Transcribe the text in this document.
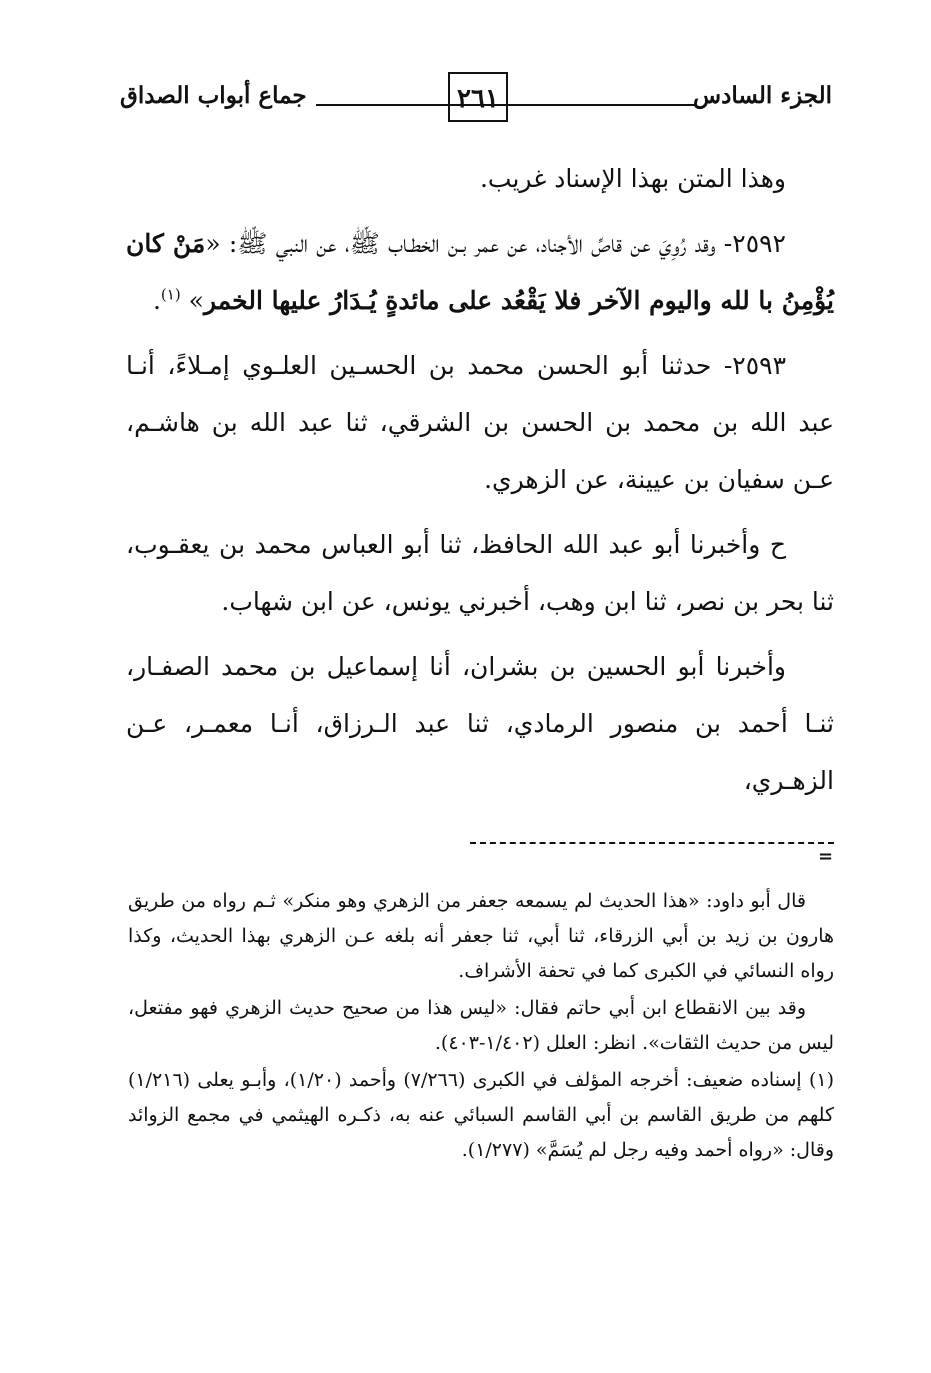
الجزء السادس
٢٦١
جماع أبواب الصداق

وهذا المتن بهذا الإسناد غريب.

٢٥٩٢- وقد رُوِيَ عن قاصِّ الأجناد، عن عمر بـن الخطـاب ﷺ، عن النبي ﷺ: «مَنْ كان يُؤْمِنُ با لله واليوم الآخر فلا يَقْعُد على مائدةٍ يُـدَارُ عليها الخمر» $^{(١)}$.

٢٥٩٣- حدثنا أبو الحسن محمد بن الحسـين العلـوي إمـلاءً، أنـا عبد الله بن محمد بن الحسن بن الشرقي، ثنا عبد الله بن هاشـم، عـن سفيان بن عيينة، عن الزهري.

ح وأخبرنا أبو عبد الله الحافظ، ثنا أبو العباس محمد بن يعقـوب، ثنا بحر بن نصر، ثنا ابن وهب، أخبرني يونس، عن ابن شهاب.

وأخبرنا أبو الحسين بن بشران، أنا إسماعيل بن محمد الصفـار، ثنـا أحمد بن منصور الرمادي، ثنا عبد الـرزاق، أنـا معمـر، عـن الزهـري،

=

قال أبو داود: «هذا الحديث لم يسمعه جعفر من الزهري وهو منكر» ثـم رواه من طريق هارون بن زيد بن أبي الزرقاء، ثنا أبي، ثنا جعفر أنه بلغه عـن الزهري بهذا الحديث، وكذا رواه النسائي في الكبرى كما في تحفة الأشراف.

وقد بين الانقطاع ابن أبي حاتم فقال: «ليس هذا من صحيح حديث الزهري فهو مفتعل، ليس من حديث الثقات». انظر: العلل (١/٤٠٢-٤٠٣).

(١) إسناده ضعيف: أخرجه المؤلف في الكبرى (٧/٢٦٦) وأحمد (١/٢٠)، وأبـو يعلى (١/٢١٦) كلهم من طريق القاسم بن أبي القاسم السبائي عنه به، ذكـره الهيثمي في مجمع الزوائد وقال: «رواه أحمد وفيه رجل لم يُسَمَّ» (١/٢٧٧).
